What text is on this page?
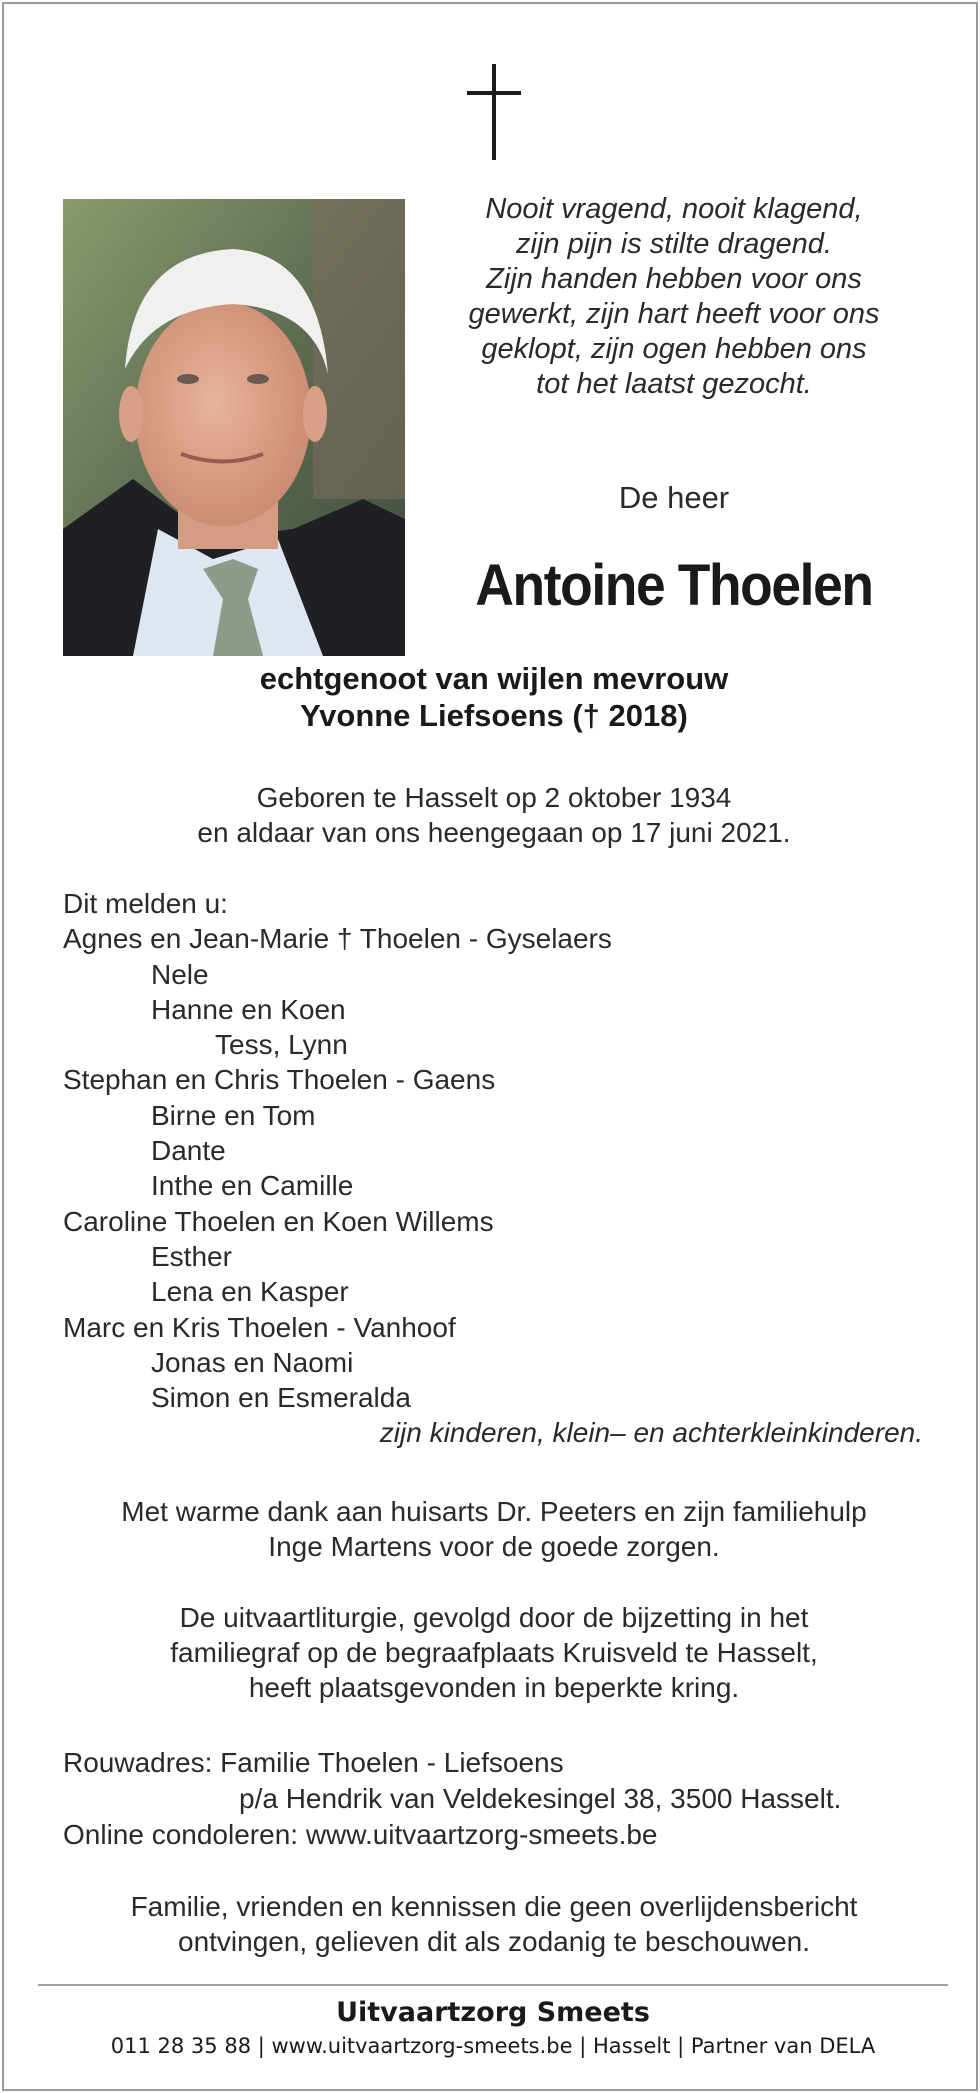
Nooit vragend, nooit klagend,
zijn pijn is stilte dragend.
Zijn handen hebben voor ons
gewerkt, zijn hart heeft voor ons
geklopt, zijn ogen hebben ons
tot het laatst gezocht.
De heer
Antoine Thoelen
echtgenoot van wijlen mevrouw
Yvonne Liefsoens († 2018)
Geboren te Hasselt op 2 oktober 1934
en aldaar van ons heengegaan op 17 juni 2021.
Dit melden u:
Agnes en Jean-Marie † Thoelen - Gyselaers
Nele
Hanne en Koen
Tess, Lynn
Stephan en Chris Thoelen - Gaens
Birne en Tom
Dante
Inthe en Camille
Caroline Thoelen en Koen Willems
Esther
Lena en Kasper
Marc en Kris Thoelen - Vanhoof
Jonas en Naomi
Simon en Esmeralda
zijn kinderen, klein– en achterkleinkinderen.
Met warme dank aan huisarts Dr. Peeters en zijn familiehulp
Inge Martens voor de goede zorgen.
De uitvaartliturgie, gevolgd door de bijzetting in het
familiegraf op de begraafplaats Kruisveld te Hasselt,
heeft plaatsgevonden in beperkte kring.
Rouwadres: Familie Thoelen - Liefsoens
p/a Hendrik van Veldekesingel 38, 3500 Hasselt.
Online condoleren: www.uitvaartzorg-smeets.be
Familie, vrienden en kennissen die geen overlijdensbericht
ontvingen, gelieven dit als zodanig te beschouwen.
Uitvaartzorg Smeets
011 28 35 88 | www.uitvaartzorg-smeets.be | Hasselt | Partner van DELA
